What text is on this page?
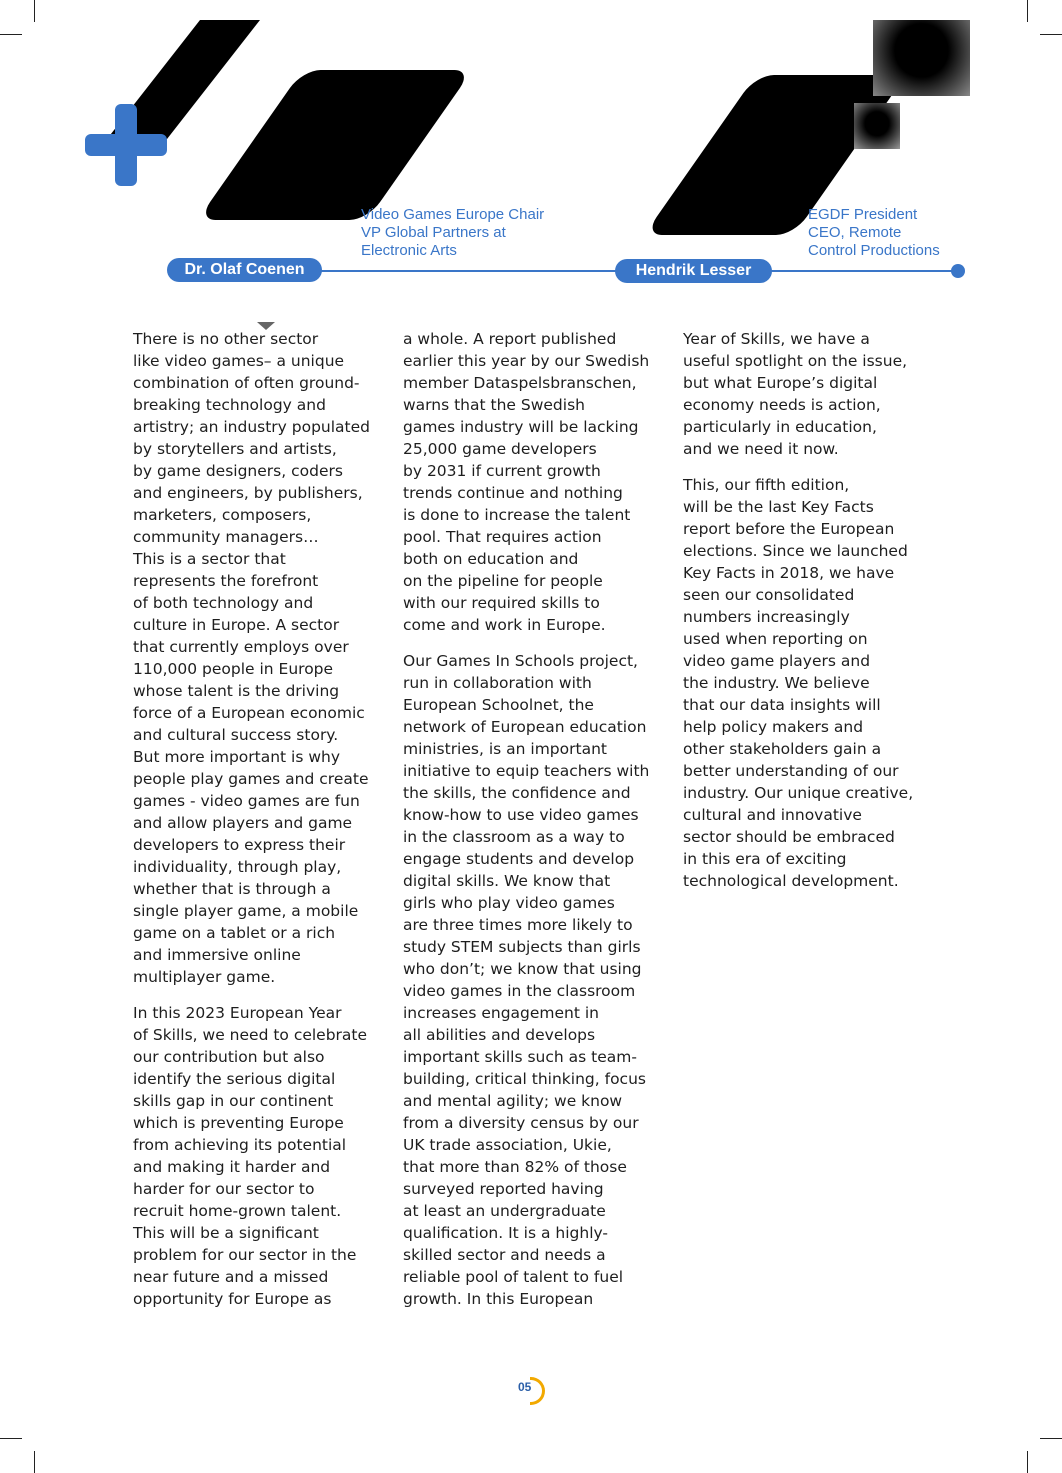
Dr. Olaf Coenen
Video Games Europe Chair
VP Global Partners at
Electronic Arts
Hendrik Lesser
EGDF President
CEO, Remote
Control Productions

There is no other sector
like video games– a unique
combination of often ground-
breaking technology and
artistry; an industry populated
by storytellers and artists,
by game designers, coders
and engineers, by publishers,
marketers, composers,
community managers…
This is a sector that
represents the forefront
of both technology and
culture in Europe. A sector
that currently employs over
110,000 people in Europe
whose talent is the driving
force of a European economic
and cultural success story.
But more important is why
people play games and create
games - video games are fun
and allow players and game
developers to express their
individuality, through play,
whether that is through a
single player game, a mobile
game on a tablet or a rich
and immersive online
multiplayer game.

In this 2023 European Year
of Skills, we need to celebrate
our contribution but also
identify the serious digital
skills gap in our continent
which is preventing Europe
from achieving its potential
and making it harder and
harder for our sector to
recruit home-grown talent.
This will be a significant
problem for our sector in the
near future and a missed
opportunity for Europe as

a whole. A report published
earlier this year by our Swedish
member Dataspelsbranschen,
warns that the Swedish
games industry will be lacking
25,000 game developers
by 2031 if current growth
trends continue and nothing
is done to increase the talent
pool. That requires action
both on education and
on the pipeline for people
with our required skills to
come and work in Europe.

Our Games In Schools project,
run in collaboration with
European Schoolnet, the
network of European education
ministries, is an important
initiative to equip teachers with
the skills, the confidence and
know-how to use video games
in the classroom as a way to
engage students and develop
digital skills. We know that
girls who play video games
are three times more likely to
study STEM subjects than girls
who don’t; we know that using
video games in the classroom
increases engagement in
all abilities and develops
important skills such as team-
building, critical thinking, focus
and mental agility; we know
from a diversity census by our
UK trade association, Ukie,
that more than 82% of those
surveyed reported having
at least an undergraduate
qualification. It is a highly-
skilled sector and needs a
reliable pool of talent to fuel
growth. In this European

Year of Skills, we have a
useful spotlight on the issue,
but what Europe’s digital
economy needs is action,
particularly in education,
and we need it now.

This, our fifth edition,
will be the last Key Facts
report before the European
elections. Since we launched
Key Facts in 2018, we have
seen our consolidated
numbers increasingly
used when reporting on
video game players and
the industry. We believe
that our data insights will
help policy makers and
other stakeholders gain a
better understanding of our
industry. Our unique creative,
cultural and innovative
sector should be embraced
in this era of exciting
technological development.

05
